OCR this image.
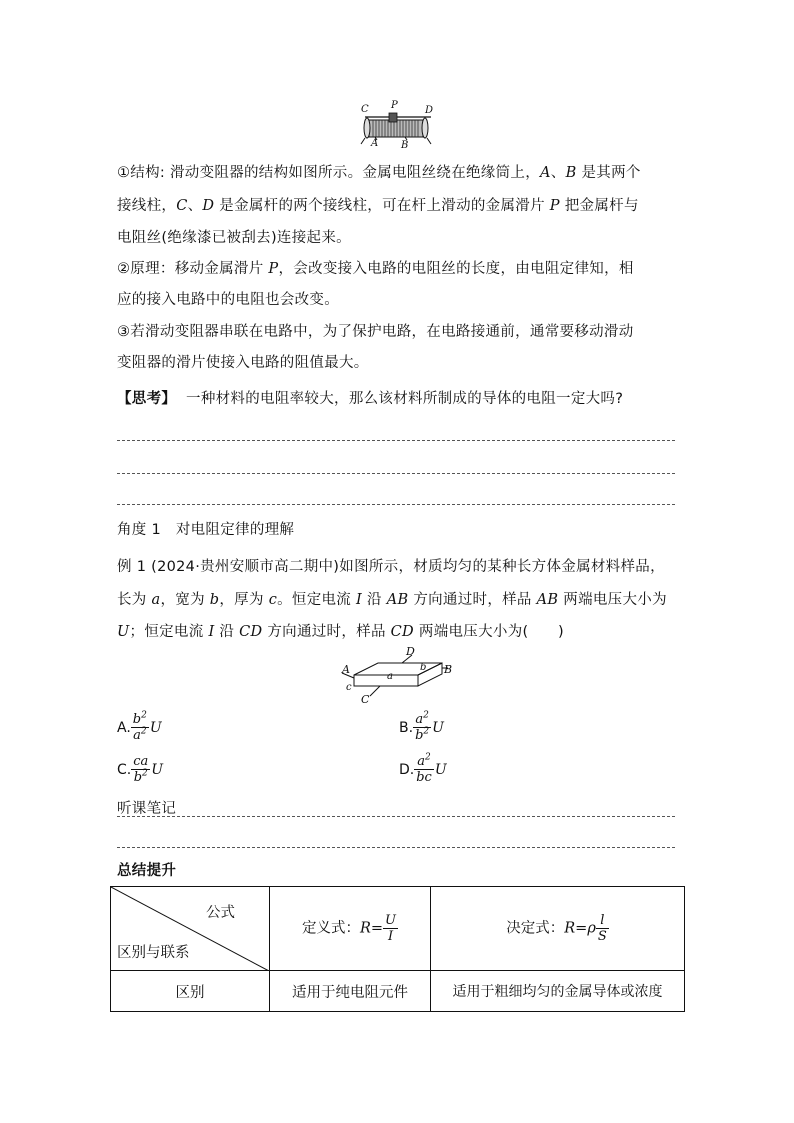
C P	D
A B
①结构: 滑动变阻器的结构如图所示。金属电阻丝绕在绝缘筒上，A、B 是其两个
接线柱，C、D 是金属杆的两个接线柱，可在杆上滑动的金属滑片 P 把金属杆与
电阻丝(绝缘漆已被刮去)连接起来。
②原理：移动金属滑片 P，会改变接入电路的电阻丝的长度，由电阻定律知，相
应的接入电路中的电阻也会改变。
③若滑动变阻器串联在电路中，为了保护电路，在电路接通前，通常要移动滑动
变阻器的滑片使接入电路的阻值最大。
【思考】 一种材料的电阻率较大，那么该材料所制成的导体的电阻一定大吗?
角度 1　对电阻定律的理解
例 1 (2024·贵州安顺市高二期中)如图所示，材质均匀的某种长方体金属材料样品，
长为 a，宽为 b，厚为 c。恒定电流 I 沿 AB 方向通过时，样品 AB 两端电压大小为
U；恒定电流 I 沿 CD 方向通过时，样品 CD 两端电压大小为(　　)
D
A	B
C
a
b
c
A. $\frac{b^2}{a^2}$ U	B. $\frac{a^2}{b^2}$ U
C. $\frac{ca}{b^2}$ U	D. $\frac{a^2}{bc}$ U
听课笔记
总结提升
公式
区别与联系	定义式：$R= \frac{U}{I}$	决定式：$R=\rho \frac{l}{S}$

区别	适用于纯电阻元件	适用于粗细均匀的金属导体或浓度
